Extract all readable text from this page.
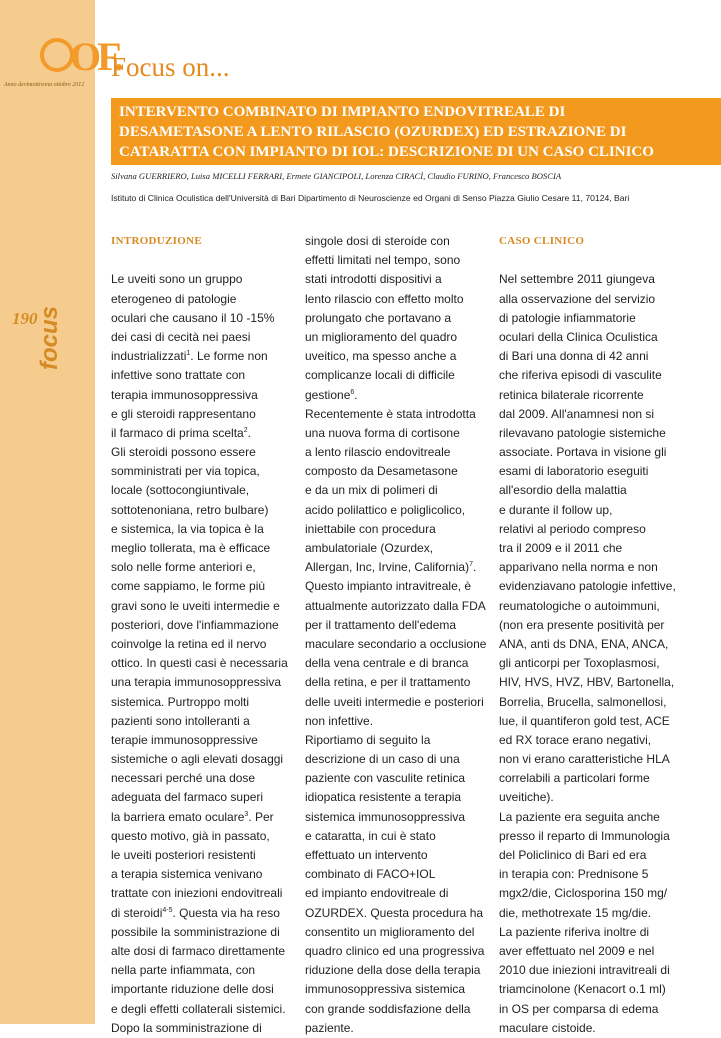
OF.
Anno devimottivona ottobre 2012
190
focus
Focus on...
INTERVENTO COMBINATO DI IMPIANTO ENDOVITREALE DI
DESAMETASONE A LENTO RILASCIO (OZURDEX) ED ESTRAZIONE DI
CATARATTA CON IMPIANTO DI IOL: DESCRIZIONE DI UN CASO CLINICO
Silvana GUERRIERO, Luisa MICELLI FERRARI, Ermete GIANCIPOLI, Lorenza CIRACÌ, Claudio FURINO, Francesco BOSCIA
Istituto di Clinica Oculistica dell'Università di Bari Dipartimento di Neuroscienze ed Organi di Senso Piazza Giulio Cesare 11, 70124, Bari
INTRODUZIONE
Le uveiti sono un gruppo
eterogeneo di patologie
oculari che causano il 10 -15%
dei casi di cecità nei paesi
industrializzati$^1$. Le forme non
infettive sono trattate con
terapia immunosoppressiva
e gli steroidi rappresentano
il farmaco di prima scelta$^2$.
Gli steroidi possono essere
somministrati per via topica,
locale (sottocongiuntivale,
sottotenoniana, retro bulbare)
e sistemica, la via topica è la
meglio tollerata, ma è efficace
solo nelle forme anteriori e,
come sappiamo, le forme più
gravi sono le uveiti intermedie e
posteriori, dove l'infiammazione
coinvolge la retina ed il nervo
ottico. In questi casi è necessaria
una terapia immunosoppressiva
sistemica. Purtroppo molti
pazienti sono intolleranti a
terapie immunosoppressive
sistemiche o agli elevati dosaggi
necessari perché una dose
adeguata del farmaco superi
la barriera emato oculare$^3$. Per
questo motivo, già in passato,
le uveiti posteriori resistenti
a terapia sistemica venivano
trattate con iniezioni endovitreali
di steroidi$^{4-5}$. Questa via ha reso
possibile la somministrazione di
alte dosi di farmaco direttamente
nella parte infiammata, con
importante riduzione delle dosi
e degli effetti collaterali sistemici.
Dopo la somministrazione di
singole dosi di steroide con
effetti limitati nel tempo, sono
stati introdotti dispositivi a
lento rilascio con effetto molto
prolungato che portavano a
un miglioramento del quadro
uveitico, ma spesso anche a
complicanze locali di difficile
gestione$^6$.
Recentemente è stata introdotta
una nuova forma di cortisone
a lento rilascio endovitreale
composto da Desametasone
e da un mix di polimeri di
acido polilattico e poliglicolico,
iniettabile con procedura
ambulatoriale (Ozurdex,
Allergan, Inc, Irvine, California)$^7$.
Questo impianto intravitreale, è
attualmente autorizzato dalla FDA
per il trattamento dell'edema
maculare secondario a occlusione
della vena centrale e di branca
della retina, e per il trattamento
delle uveiti intermedie e posteriori
non infettive.
Riportiamo di seguito la
descrizione di un caso di una
paziente con vasculite retinica
idiopatica resistente a terapia
sistemica immunosoppressiva
e cataratta, in cui è stato
effettuato un intervento
combinato di FACO+IOL
ed impianto endovitreale di
OZURDEX. Questa procedura ha
consentito un miglioramento del
quadro clinico ed una progressiva
riduzione della dose della terapia
immunosoppressiva sistemica
con grande soddisfazione della
paziente.
CASO CLINICO
Nel settembre 2011 giungeva
alla osservazione del servizio
di patologie infiammatorie
oculari della Clinica Oculistica
di Bari una donna di 42 anni
che riferiva episodi di vasculite
retinica bilaterale ricorrente
dal 2009. All'anamnesi non si
rilevavano patologie sistemiche
associate. Portava in visione gli
esami di laboratorio eseguiti
all'esordio della malattia
e durante il follow up,
relativi al periodo compreso
tra il 2009 e il 2011 che
apparivano nella norma e non
evidenziavano patologie infettive,
reumatologiche o autoimmuni,
(non era presente positività per
ANA, anti ds DNA, ENA, ANCA,
gli anticorpi per Toxoplasmosi,
HIV, HVS, HVZ, HBV, Bartonella,
Borrelia, Brucella, salmonellosi,
lue, il quantiferon gold test, ACE
ed RX torace erano negativi,
non vi erano caratteristiche HLA
correlabili a particolari forme
uveitiche).
La paziente era seguita anche
presso il reparto di Immunologia
del Policlinico di Bari ed era
in terapia con: Prednisone 5
mgx2/die, Ciclosporina 150 mg/
die, methotrexate 15 mg/die.
La paziente riferiva inoltre di
aver effettuato nel 2009 e nel
2010 due iniezioni intravitreali di
triamcinolone (Kenacort o.1 ml)
in OS per comparsa di edema
maculare cistoide.
